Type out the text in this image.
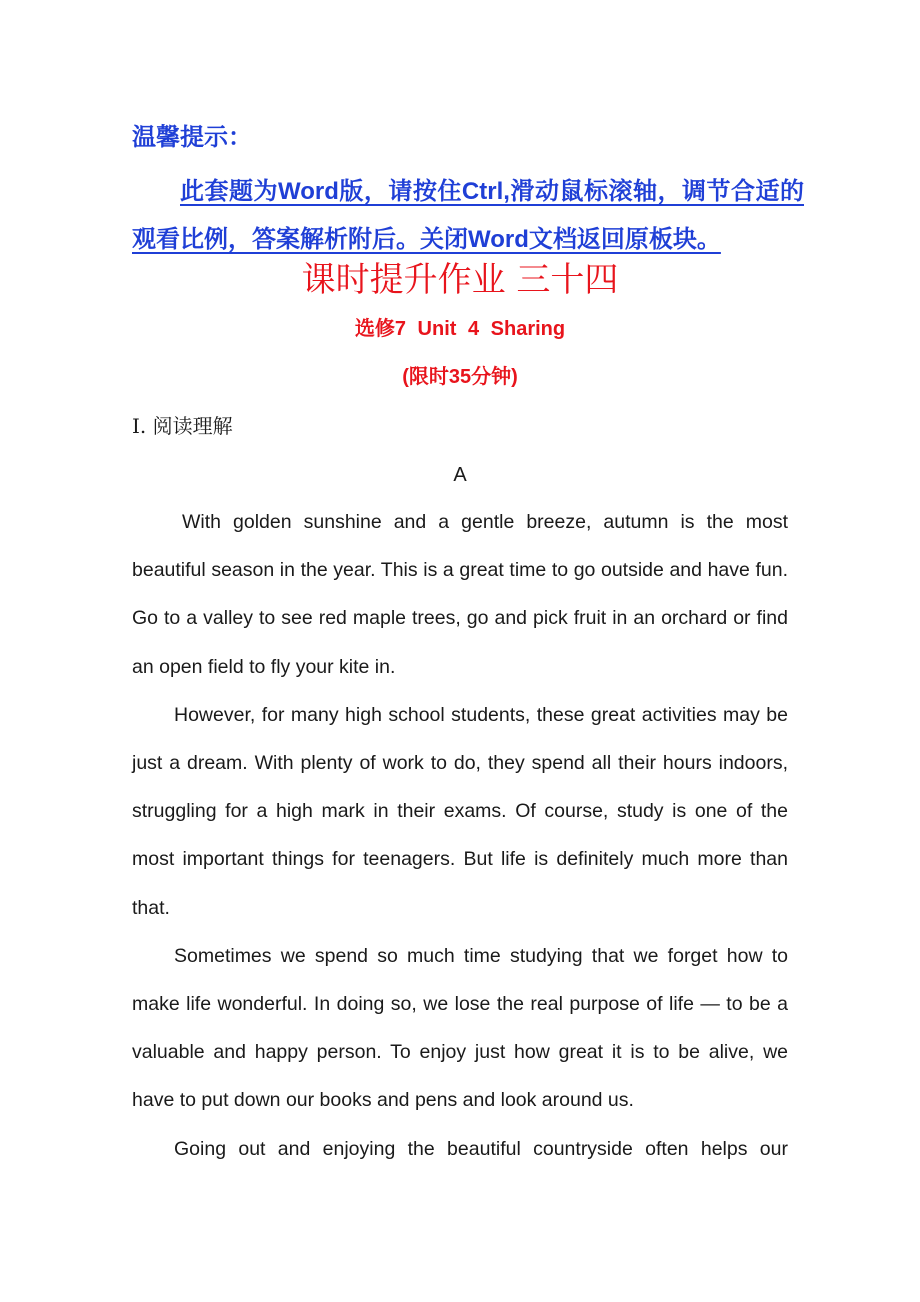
温馨提示：
此套题为Word版，请按住Ctrl,滑动鼠标滚轴，调节合适的观看比例，答案解析附后。关闭Word文档返回原板块。
课时提升作业 三十四
选修7 Unit 4 Sharing
(限时35分钟)
Ⅰ. 阅读理解
A

With golden sunshine and a gentle breeze, autumn is the most beautiful season in the year. This is a great time to go outside and have fun. Go to a valley to see red maple trees, go and pick fruit in an orchard or find an open field to fly your kite in.

However, for many high school students, these great activities may be just a dream. With plenty of work to do, they spend all their hours indoors, struggling for a high mark in their exams. Of course, study is one of the most important things for teenagers. But life is definitely much more than that.

Sometimes we spend so much time studying that we forget how to make life wonderful. In doing so, we lose the real purpose of life — to be a valuable and happy person. To enjoy just how great it is to be alive, we have to put down our books and pens and look around us.

Going out and enjoying the beautiful countryside often helps our
